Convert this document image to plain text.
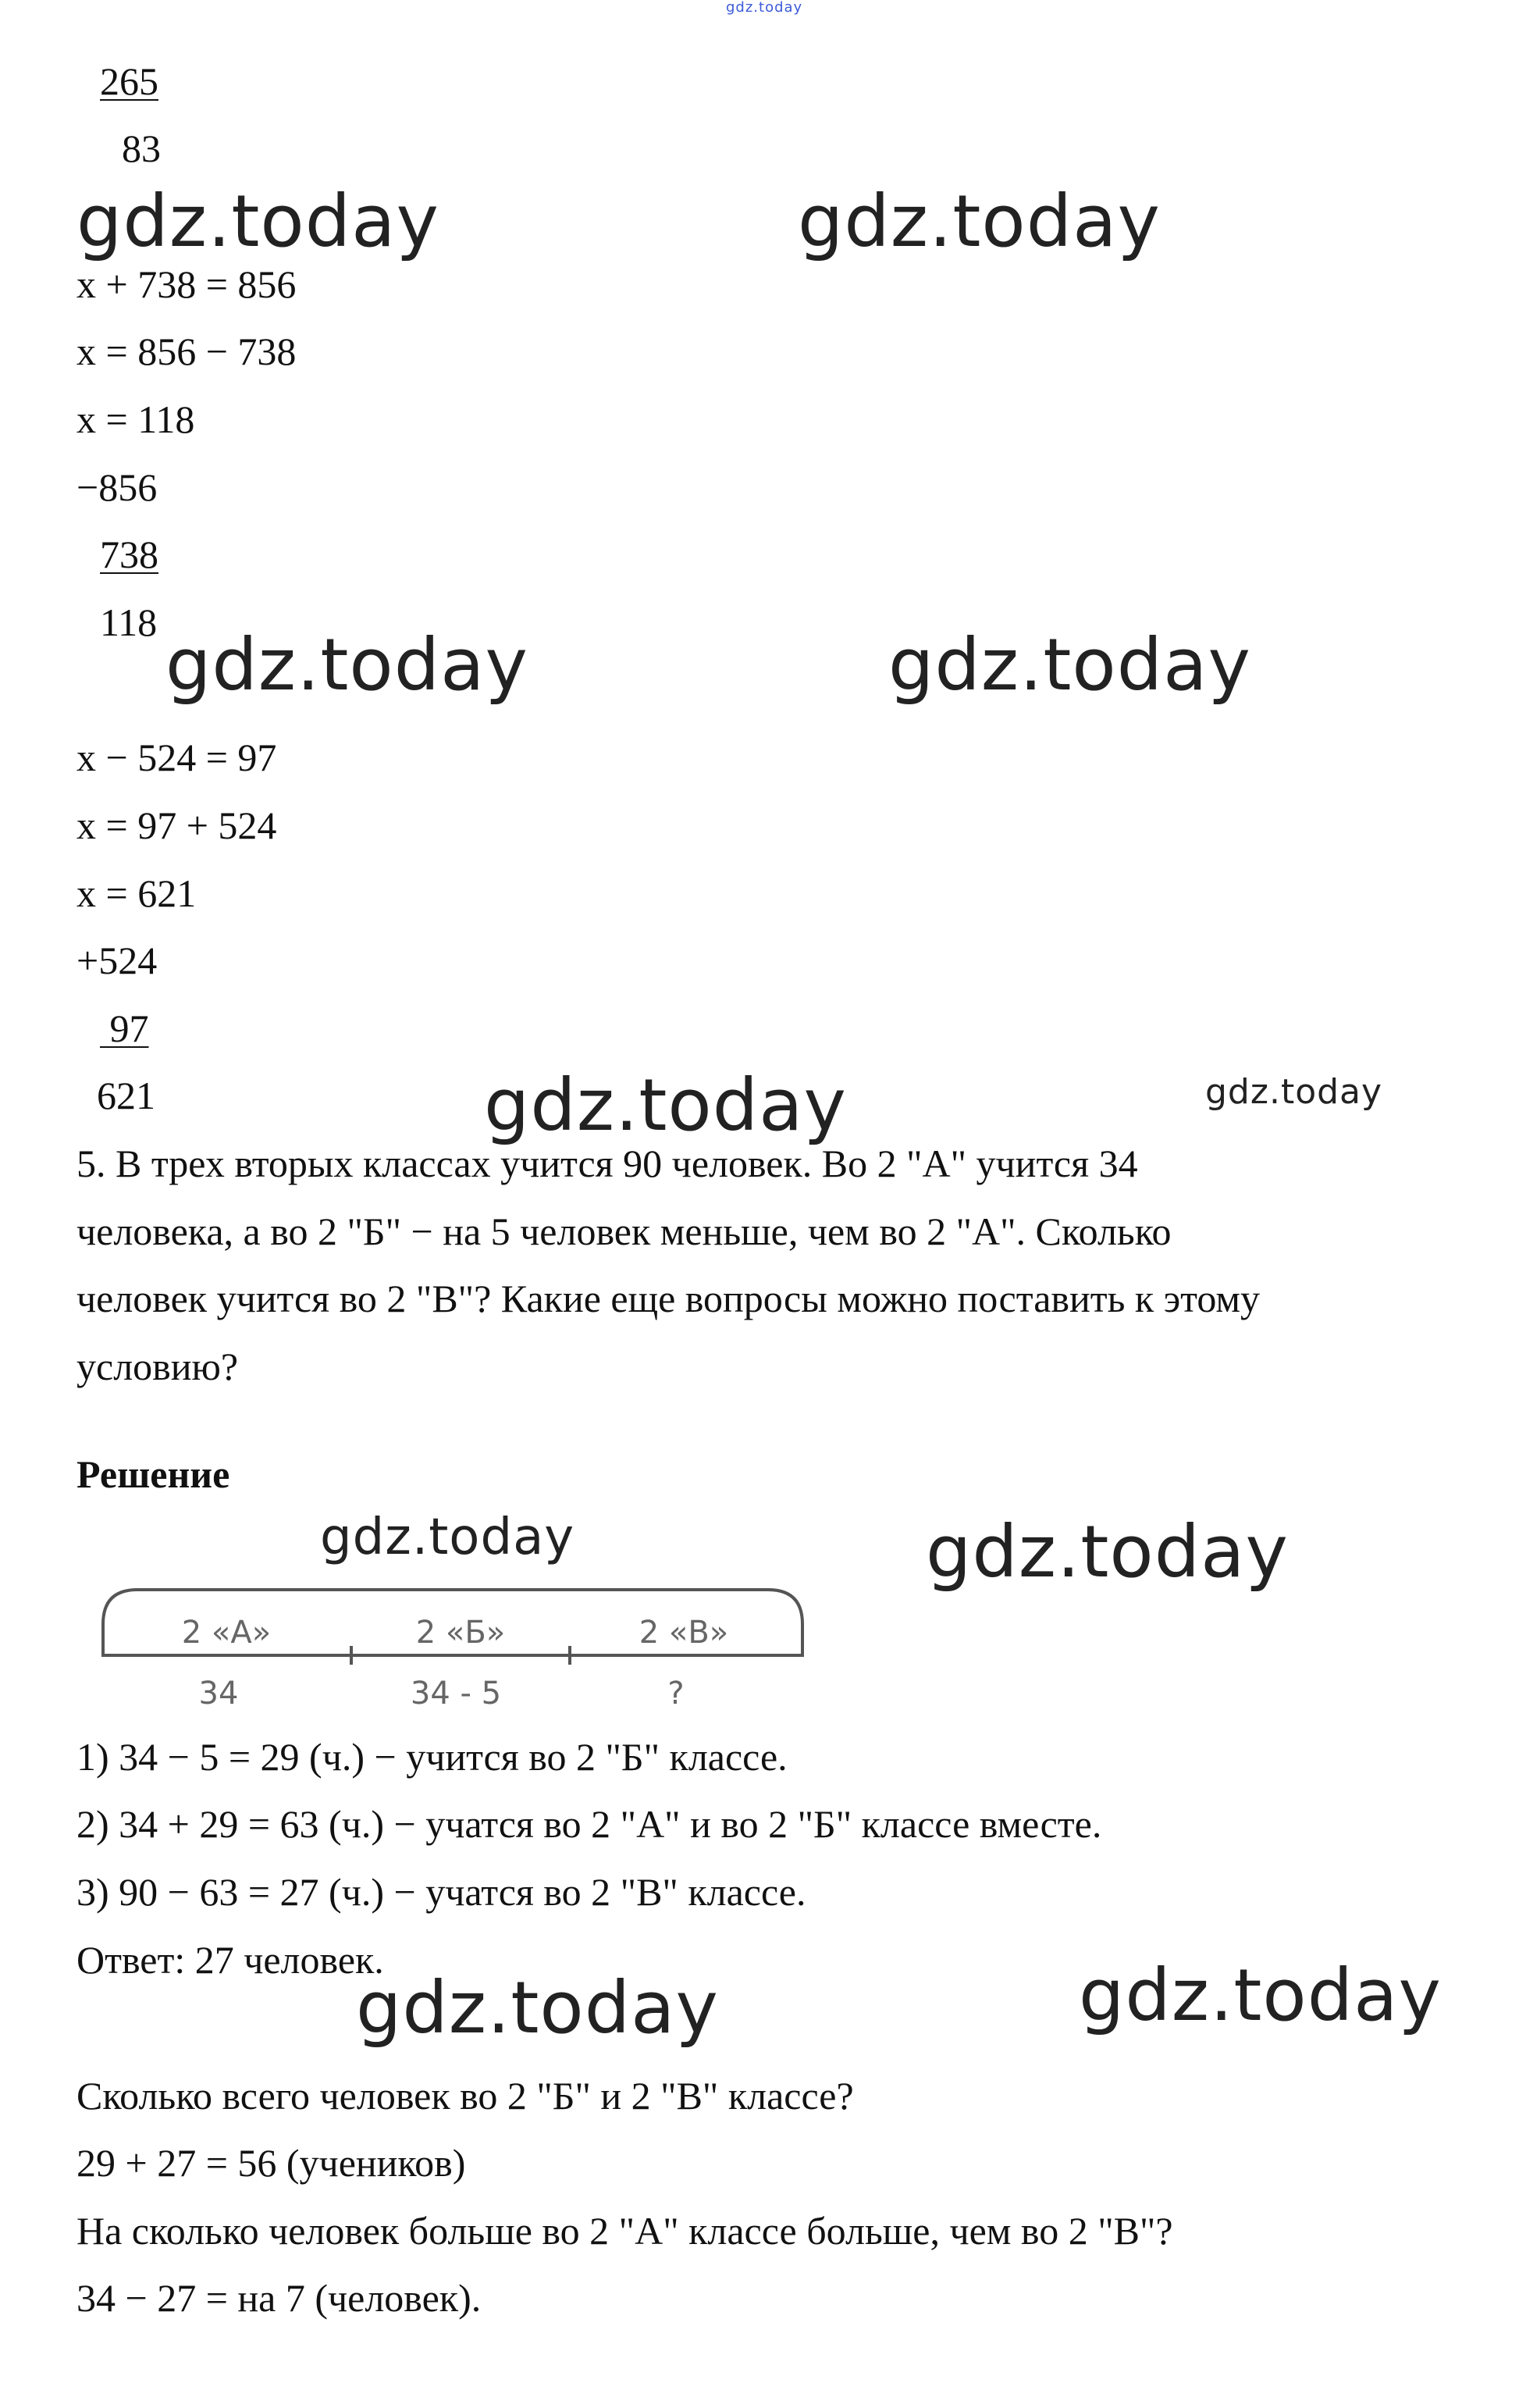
gdz.today

265

83

gdz.today	gdz.today

x + 738 = 856

x = 856 − 738

x = 118

−856

738

118

gdz.today	gdz.today

x − 524 = 97

x = 97 + 524

x = 621

+524

97

621	gdz.today	gdz.today

5. В трех вторых классах учится 90 человек. Во 2 "А" учится 34

человека, а во 2 "Б" − на 5 человек меньше, чем во 2 "А". Сколько

человек учится во 2 "В"? Какие еще вопросы можно поставить к этому

условию?

Решение

gdz.today	gdz.today
2 «А»	2 «Б»	2 «В»
34	34 - 5	?

1) 34 − 5 = 29 (ч.) − учится во 2 "Б" классе.

2) 34 + 29 = 63 (ч.) − учатся во 2 "А" и во 2 "Б" классе вместе.

3) 90 − 63 = 27 (ч.) − учатся во 2 "В" классе.

Ответ: 27 человек.

gdz.today	gdz.today

Сколько всего человек во 2 "Б" и 2 "В" классе?

29 + 27 = 56 (учеников)

На сколько человек больше во 2 "А" классе больше, чем во 2 "В"?

34 − 27 = на 7 (человек).
